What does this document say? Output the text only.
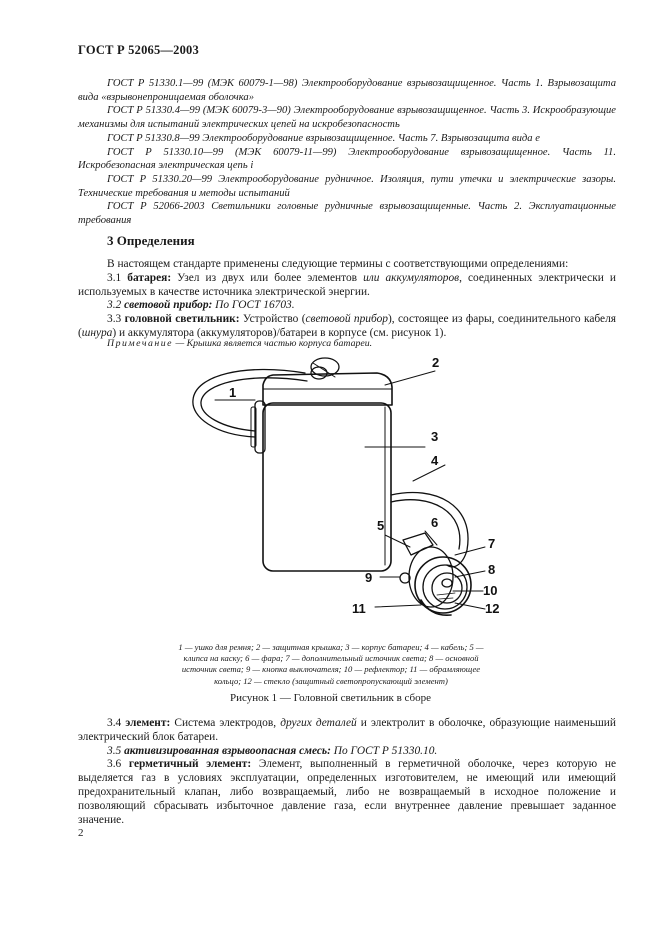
ГОСТ Р 52065—2003

ГОСТ Р 51330.1—99 (МЭК 60079-1—98) Электрооборудование взрывозащищенное. Часть 1. Взрывозащита вида «взрывонепроницаемая оболочка»

ГОСТ Р 51330.4—99 (МЭК 60079-3—90) Электрооборудование взрывозащищенное. Часть 3. Искрообразующие механизмы для испытаний электрических цепей на искробезопасность

ГОСТ Р 51330.8—99 Электрооборудование взрывозащищенное. Часть 7. Взрывозащита вида е

ГОСТ Р 51330.10—99 (МЭК 60079-11—99) Электрооборудование взрывозащищенное. Часть 11. Искробезопасная электрическая цепь i

ГОСТ Р 51330.20—99 Электрооборудование рудничное. Изоляция, пути утечки и электрические зазоры. Технические требования и методы испытаний

ГОСТ Р 52066-2003 Светильники головные рудничные взрывозащищенные. Часть 2. Эксплуатационные требования

3 Определения

В настоящем стандарте применены следующие термины с соответствующими определениями:

3.1 батарея: Узел из двух или более элементов или аккумуляторов, соединенных электрически и используемых в качестве источника электрической энергии.

3.2 световой прибор: По ГОСТ 16703.

3.3 головной светильник: Устройство (световой прибор), состоящее из фары, соединительного кабеля (шнура) и аккумулятора (аккумуляторов)/батареи в корпусе (см. рисунок 1).

Примечание — Крышка является частью корпуса батареи.
1
2
3
4
5	6
7
8
9
10
11	12
1 — ушко для ремня; 2 — защитная крышка; 3 — корпус батареи; 4 — кабель; 5 — клипса на каску; 6 — фара; 7 — дополнительный источник света; 8 — основной источник света; 9 — кнопка выключателя; 10 — рефлектор; 11 — обрамляющее кольцо; 12 — стекло (защитный светопропускающий элемент)
Рисунок 1 — Головной светильник в сборе

3.4 элемент: Система электродов, других деталей и электролит в оболочке, образующие наименьший электрический блок батареи.

3.5 активизированная взрывоопасная смесь: По ГОСТ Р 51330.10.

3.6 герметичный элемент: Элемент, выполненный в герметичной оболочке, через которую не выделяется газ в условиях эксплуатации, определенных изготовителем, не имеющий или имеющий предохранительный клапан, либо возвращаемый, либо не возвращаемый в исходное положение и позволяющий сбрасывать избыточное давление газа, если внутреннее давление превышает заданное значение.

2
